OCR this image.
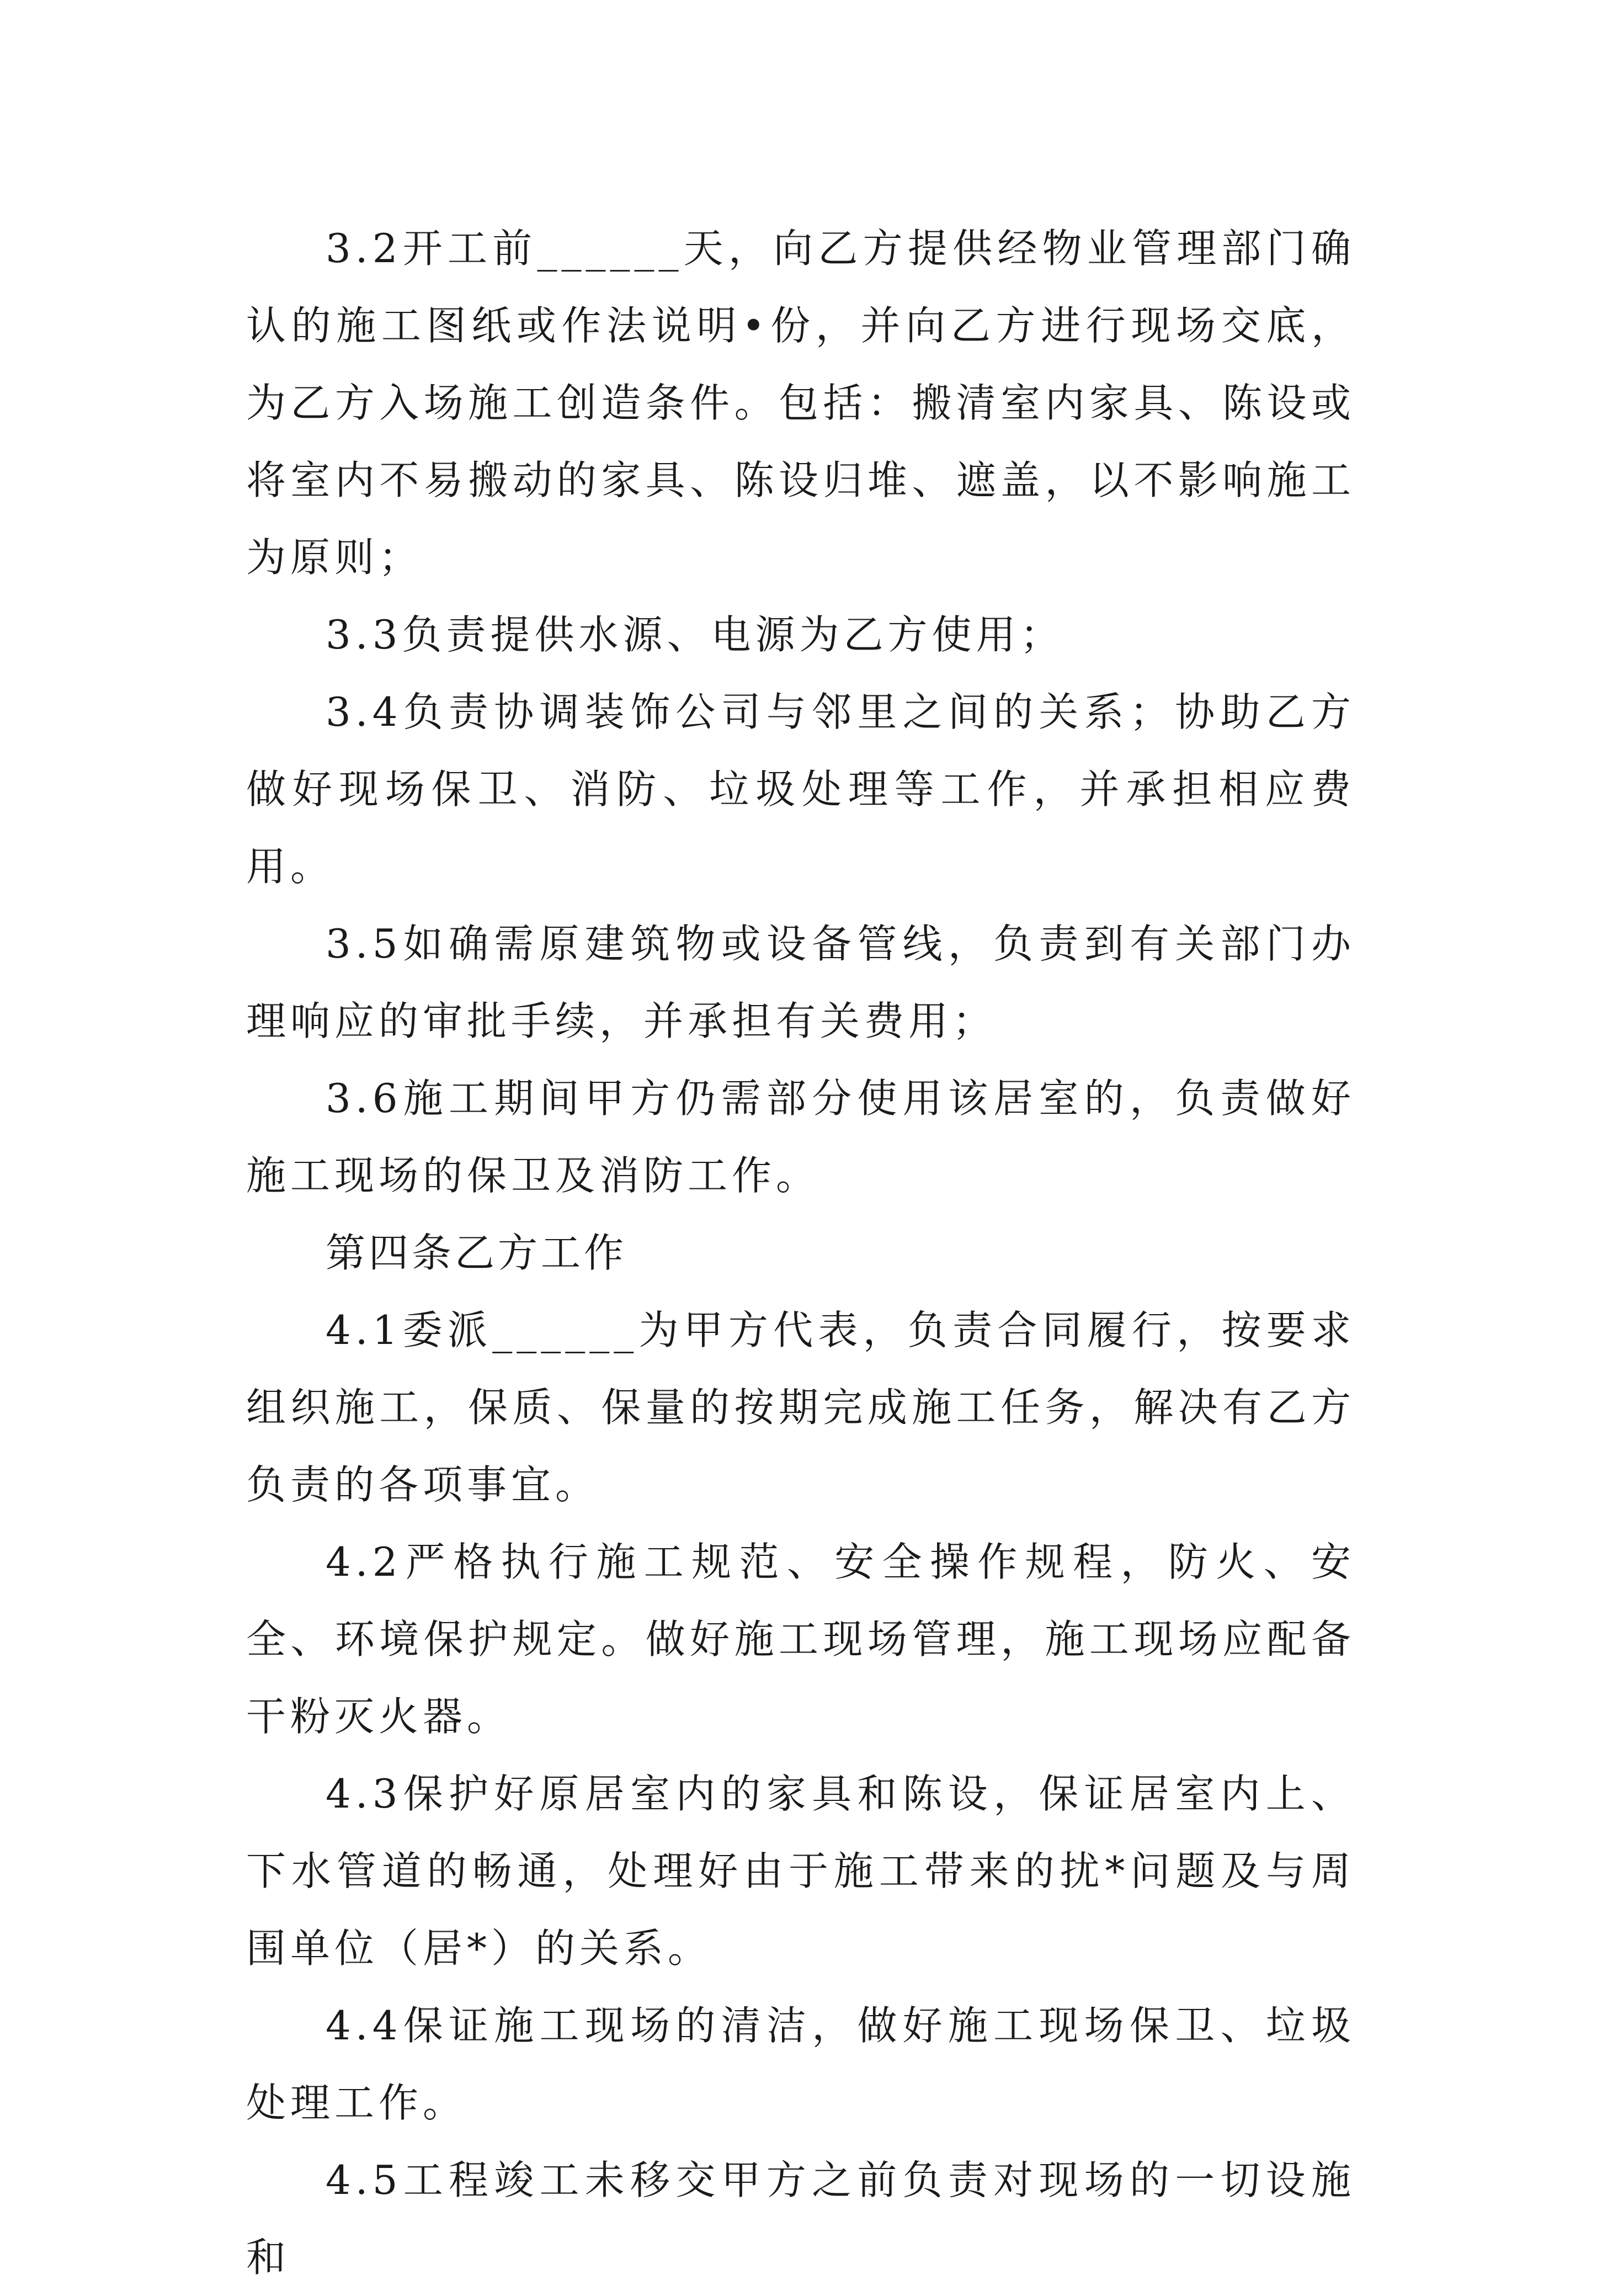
3.2开工前______天，向乙方提供经物业管理部门确认的施工图纸或作法说明•份，并向乙方进行现场交底，为乙方入场施工创造条件。包括：搬清室内家具、陈设或将室内不易搬动的家具、陈设归堆、遮盖，以不影响施工为原则；

3.3负责提供水源、电源为乙方使用；

3.4负责协调装饰公司与邻里之间的关系；协助乙方做好现场保卫、消防、垃圾处理等工作，并承担相应费用。

3.5如确需原建筑物或设备管线，负责到有关部门办理响应的审批手续，并承担有关费用；

3.6施工期间甲方仍需部分使用该居室的，负责做好施工现场的保卫及消防工作。

第四条乙方工作

4.1委派______为甲方代表，负责合同履行，按要求组织施工，保质、保量的按期完成施工任务，解决有乙方负责的各项事宜。

4.2严格执行施工规范、安全操作规程，防火、安全、环境保护规定。做好施工现场管理，施工现场应配备干粉灭火器。

4.3保护好原居室内的家具和陈设，保证居室内上、下水管道的畅通，处理好由于施工带来的扰*问题及与周围单位（居*）的关系。

4.4保证施工现场的清洁，做好施工现场保卫、垃圾处理工作。

4.5工程竣工未移交甲方之前负责对现场的一切设施和
